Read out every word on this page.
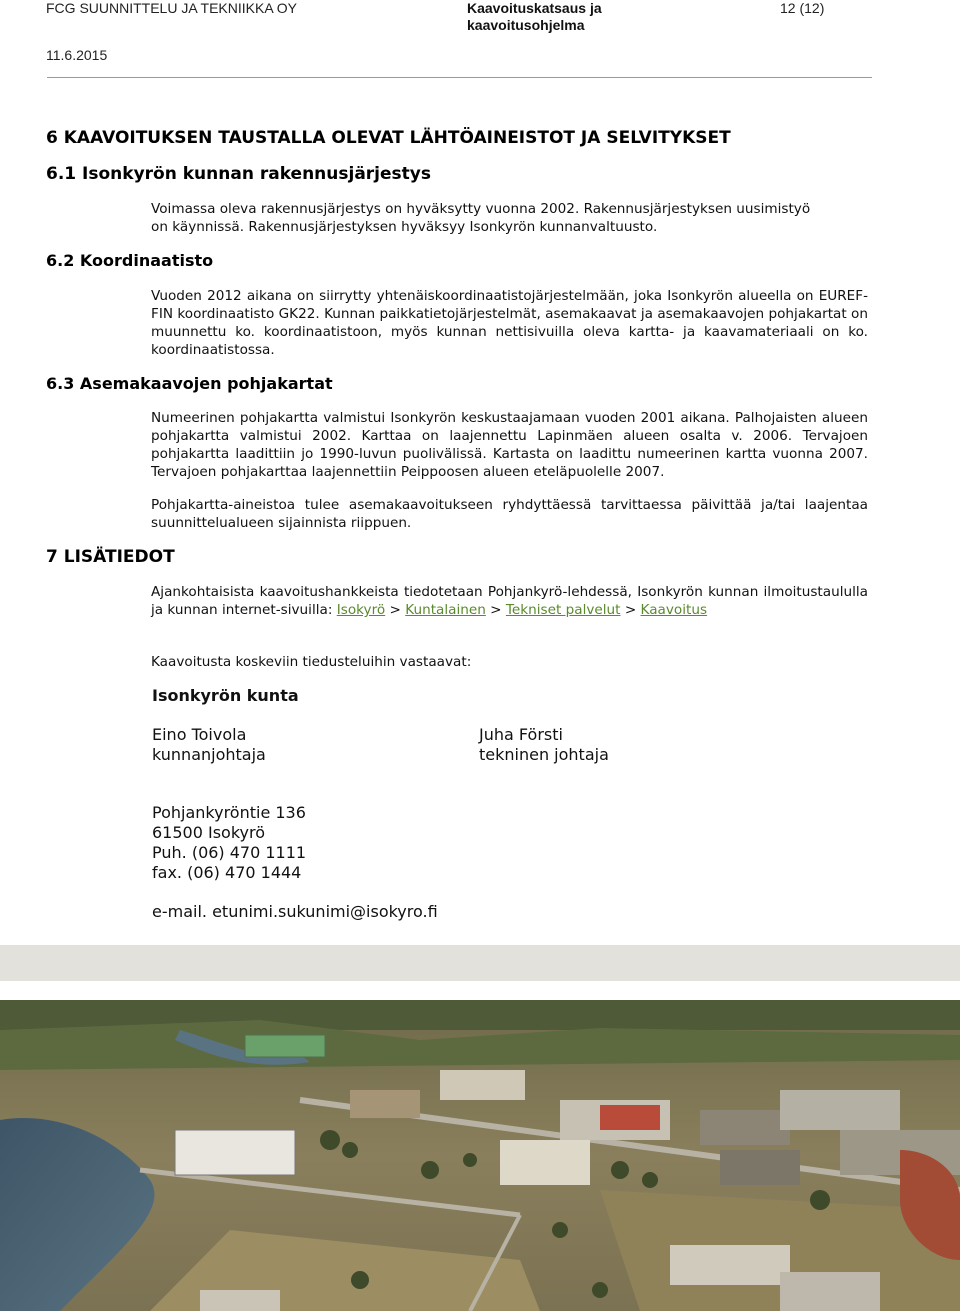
FCG SUUNNITTELU JA TEKNIIKKA OY	Kaavoituskatsaus ja
kaavoitusohjelma
12 (12)
11.6.2015
6 KAAVOITUKSEN TAUSTALLA OLEVAT LÄHTÖAINEISTOT JA SELVITYKSET
6.1 Isonkyrön kunnan rakennusjärjestys
Voimassa oleva rakennusjärjestys on hyväksytty vuonna 2002. Rakennusjärjestyksen uusimistyö
on käynnissä. Rakennusjärjestyksen hyväksyy Isonkyrön kunnanvaltuusto.
6.2 Koordinaatisto
Vuoden 2012 aikana on siirrytty yhtenäiskoordinaatistojärjestelmään, joka Isonkyrön alueella on EUREF-FIN koordinaatisto GK22. Kunnan paikkatietojärjestelmät, asemakaavat ja asemakaavojen pohjakartat on muunnettu ko. koordinaatistoon, myös kunnan nettisivuilla oleva kartta- ja kaavamateriaali on ko. koordinaatistossa.
6.3 Asemakaavojen pohjakartat
Numeerinen pohjakartta valmistui Isonkyrön keskustaajamaan vuoden 2001 aikana. Palhojaisten alueen pohjakartta valmistui 2002. Karttaa on laajennettu Lapinmäen alueen osalta v. 2006. Tervajoen pohjakartta laadittiin jo 1990-luvun puolivälissä. Kartasta on laadittu numeerinen kartta vuonna 2007. Tervajoen pohjakarttaa laajennettiin Peippoosen alueen eteläpuolelle 2007.
Pohjakartta-aineistoa tulee asemakaavoitukseen ryhdyttäessä tarvittaessa päivittää ja/tai laajentaa suunnittelualueen sijainnista riippuen.
7 LISÄTIEDOT
Ajankohtaisista kaavoitushankkeista tiedotetaan Pohjankyrö-lehdessä, Isonkyrön kunnan ilmoitustaululla ja kunnan internet-sivuilla: Isokyrö > Kuntalainen > Tekniset palvelut > Kaavoitus
Kaavoitusta koskeviin tiedusteluihin vastaavat:
Isonkyrön kunta
Eino Toivola
kunnanjohtaja
Juha Försti
tekninen johtaja
Pohjankyröntie 136
61500 Isokyrö
Puh. (06) 470 1111
fax. (06) 470 1444
e-mail. etunimi.sukunimi@isokyro.fi
